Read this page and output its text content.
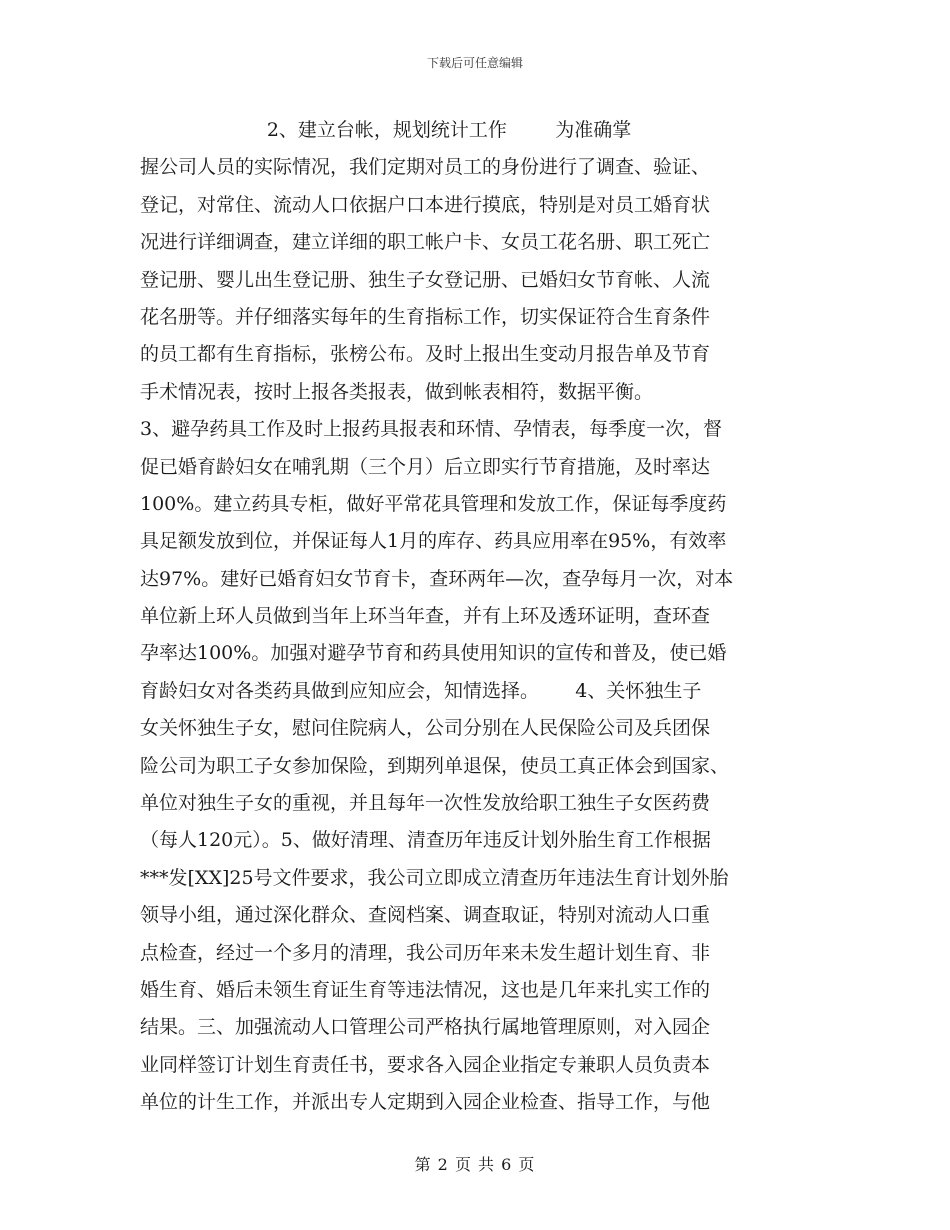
下载后可任意编辑
2、建立台帐，规划统计工作        为准确掌
握公司人员的实际情况，我们定期对员工的身份进行了调查、验证、
登记，对常住、流动人口依据户口本进行摸底，特别是对员工婚育状
况进行详细调查，建立详细的职工帐户卡、女员工花名册、职工死亡
登记册、婴儿出生登记册、独生子女登记册、已婚妇女节育帐、人流
花名册等。并仔细落实每年的生育指标工作，切实保证符合生育条件
的员工都有生育指标，张榜公布。及时上报出生变动月报告单及节育
手术情况表，按时上报各类报表，做到帐表相符，数据平衡。
3、避孕药具工作及时上报药具报表和环情、孕情表，每季度一次，督
促已婚育龄妇女在哺乳期（三个月）后立即实行节育措施，及时率达
100%。建立药具专柜，做好平常花具管理和发放工作，保证每季度药
具足额发放到位，并保证每人1月的库存、药具应用率在95%，有效率
达97%。建好已婚育妇女节育卡，查环两年—次，查孕每月一次，对本
单位新上环人员做到当年上环当年查，并有上环及透环证明，查环查
孕率达100%。加强对避孕节育和药具使用知识的宣传和普及，使已婚
育龄妇女对各类药具做到应知应会，知情选择。      4、关怀独生子
女关怀独生子女，慰问住院病人，公司分别在人民保险公司及兵团保
险公司为职工子女参加保险，到期列单退保，使员工真正体会到国家、
单位对独生子女的重视，并且每年一次性发放给职工独生子女医药费
（每人120元）。5、做好清理、清查历年违反计划外胎生育工作根据
***发[XX]25号文件要求，我公司立即成立清查历年违法生育计划外胎
领导小组，通过深化群众、查阅档案、调查取证，特别对流动人口重
点检查，经过一个多月的清理，我公司历年来未发生超计划生育、非
婚生育、婚后未领生育证生育等违法情况，这也是几年来扎实工作的
结果。三、加强流动人口管理公司严格执行属地管理原则，对入园企
业同样签订计划生育责任书，要求各入园企业指定专兼职人员负责本
单位的计生工作，并派出专人定期到入园企业检查、指导工作，与他
第 2 页 共 6 页
